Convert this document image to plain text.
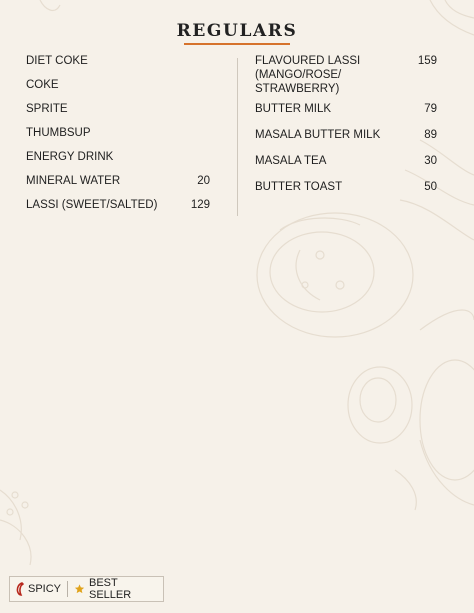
REGULARS
DIET COKE
COKE
SPRITE
THUMBSUP
ENERGY DRINK
MINERAL WATER	20
LASSI (SWEET/SALTED)	129
FLAVOURED LASSI
(MANGO/ROSE/
STRAWBERRY)
159
BUTTER MILK	79
MASALA BUTTER MILK	89
MASALA TEA	30
BUTTER TOAST	50
SPICY	BEST SELLER
